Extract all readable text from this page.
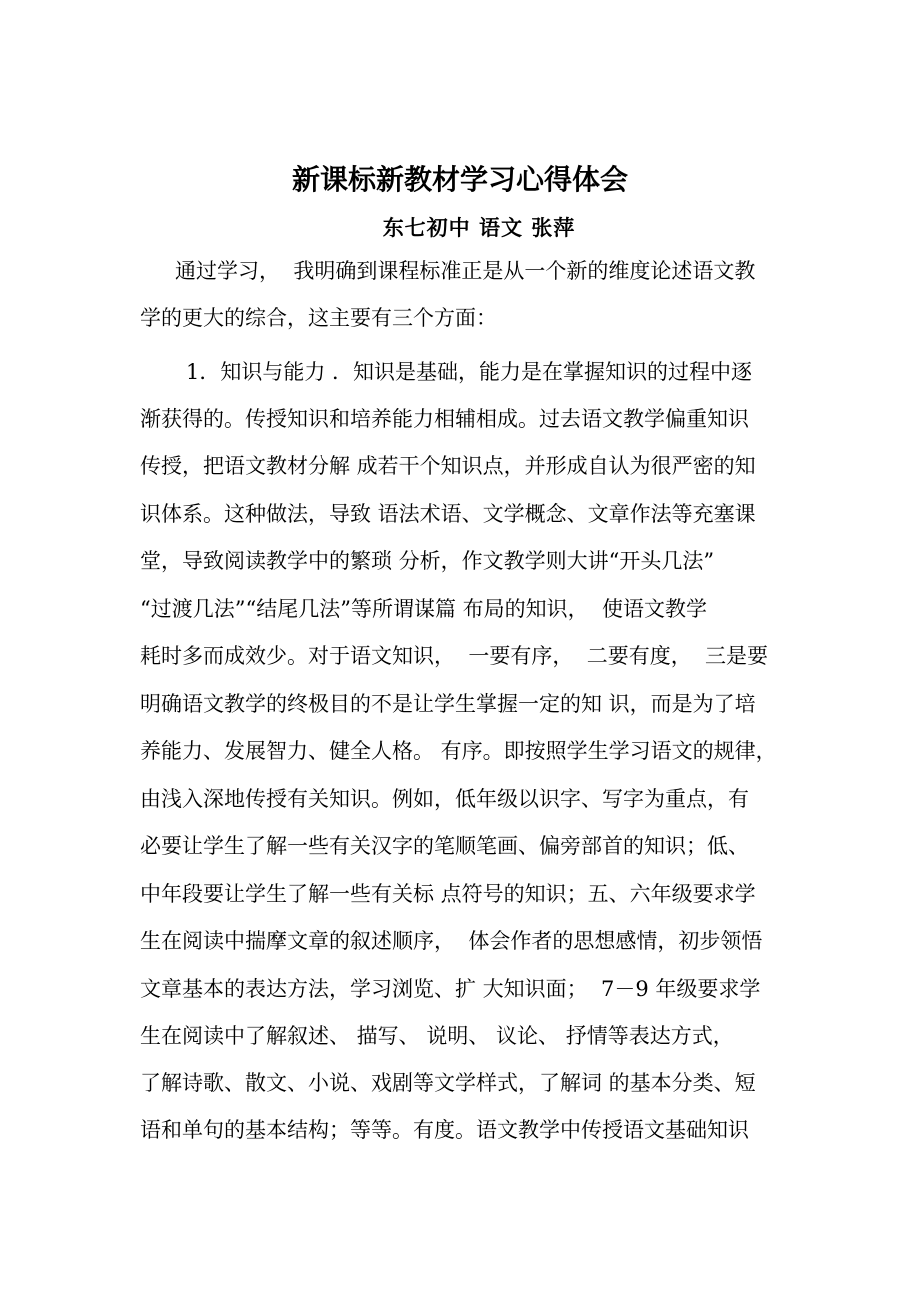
新课标新教材学习心得体会
东七初中 语文 张萍
通过学习，  我明确到课程标准正是从一个新的维度论述语文教
学的更大的综合，这主要有三个方面：
1．知识与能力 ．知识是基础，能力是在掌握知识的过程中逐
渐获得的。传授知识和培养能力相辅相成。过去语文教学偏重知识
传授，把语文教材分解 成若干个知识点，并形成自认为很严密的知
识体系。这种做法，导致 语法术语、文学概念、文章作法等充塞课
堂，导致阅读教学中的繁琐 分析，作文教学则大讲“开头几法”
“过渡几法”“结尾几法”等所谓谋篇 布局的知识，  使语文教学
耗时多而成效少。对于语文知识，  一要有序，  二要有度，  三是要
明确语文教学的终极目的不是让学生掌握一定的知 识，而是为了培
养能力、发展智力、健全人格。 有序。即按照学生学习语文的规律，
由浅入深地传授有关知识。例如，低年级以识字、写字为重点，有
必要让学生了解一些有关汉字的笔顺笔画、偏旁部首的知识；低、
中年段要让学生了解一些有关标 点符号的知识；五、六年级要求学
生在阅读中揣摩文章的叙述顺序，  体会作者的思想感情，初步领悟
文章基本的表达方法，学习浏览、扩 大知识面；  7－9 年级要求学
生在阅读中了解叙述、 描写、 说明、 议论、 抒情等表达方式，
了解诗歌、散文、小说、戏剧等文学样式，了解词 的基本分类、短
语和单句的基本结构；等等。有度。语文教学中传授语文基础知识
